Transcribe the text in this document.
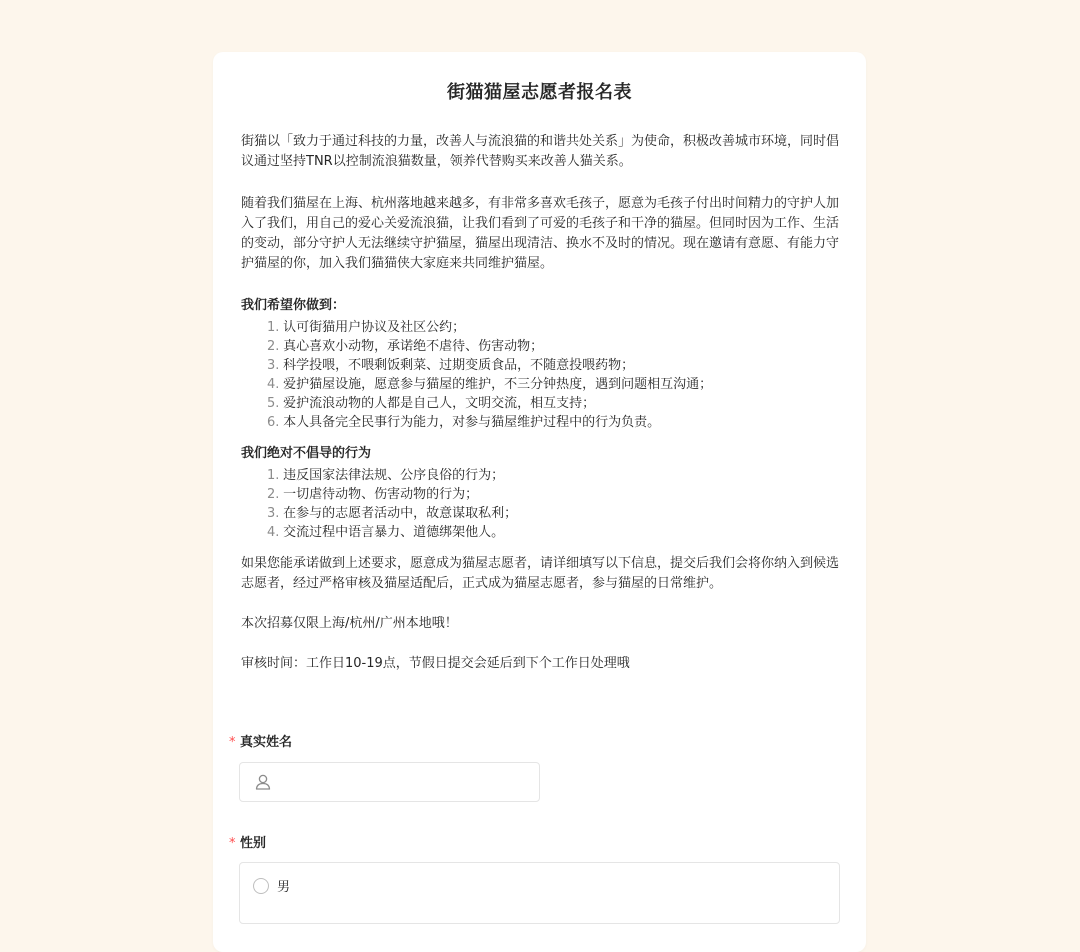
街猫猫屋志愿者报名表

街猫以「致力于通过科技的力量，改善人与流浪猫的和谐共处关系」为使命，积极改善城市环境，同时倡议通过坚持TNR以控制流浪猫数量，领养代替购买来改善人猫关系。

随着我们猫屋在上海、杭州落地越来越多，有非常多喜欢毛孩子，愿意为毛孩子付出时间精力的守护人加入了我们，用自己的爱心关爱流浪猫，让我们看到了可爱的毛孩子和干净的猫屋。但同时因为工作、生活的变动，部分守护人无法继续守护猫屋，猫屋出现清洁、换水不及时的情况。现在邀请有意愿、有能力守护猫屋的你，加入我们猫猫侠大家庭来共同维护猫屋。

我们希望你做到：

1. 认可街猫用户协议及社区公约；
2. 真心喜欢小动物，承诺绝不虐待、伤害动物；
3. 科学投喂，不喂剩饭剩菜、过期变质食品，不随意投喂药物；
4. 爱护猫屋设施，愿意参与猫屋的维护，不三分钟热度，遇到问题相互沟通；
5. 爱护流浪动物的人都是自己人，文明交流，相互支持；
6. 本人具备完全民事行为能力，对参与猫屋维护过程中的行为负责。

我们绝对不倡导的行为

1. 违反国家法律法规、公序良俗的行为；
2. 一切虐待动物、伤害动物的行为；
3. 在参与的志愿者活动中，故意谋取私利；
4. 交流过程中语言暴力、道德绑架他人。

如果您能承诺做到上述要求，愿意成为猫屋志愿者，请详细填写以下信息，提交后我们会将你纳入到候选志愿者，经过严格审核及猫屋适配后，正式成为猫屋志愿者，参与猫屋的日常维护。

本次招募仅限上海/杭州/广州本地哦！

审核时间：工作日10-19点，节假日提交会延后到下个工作日处理哦

* 真实姓名
* 性别
男
